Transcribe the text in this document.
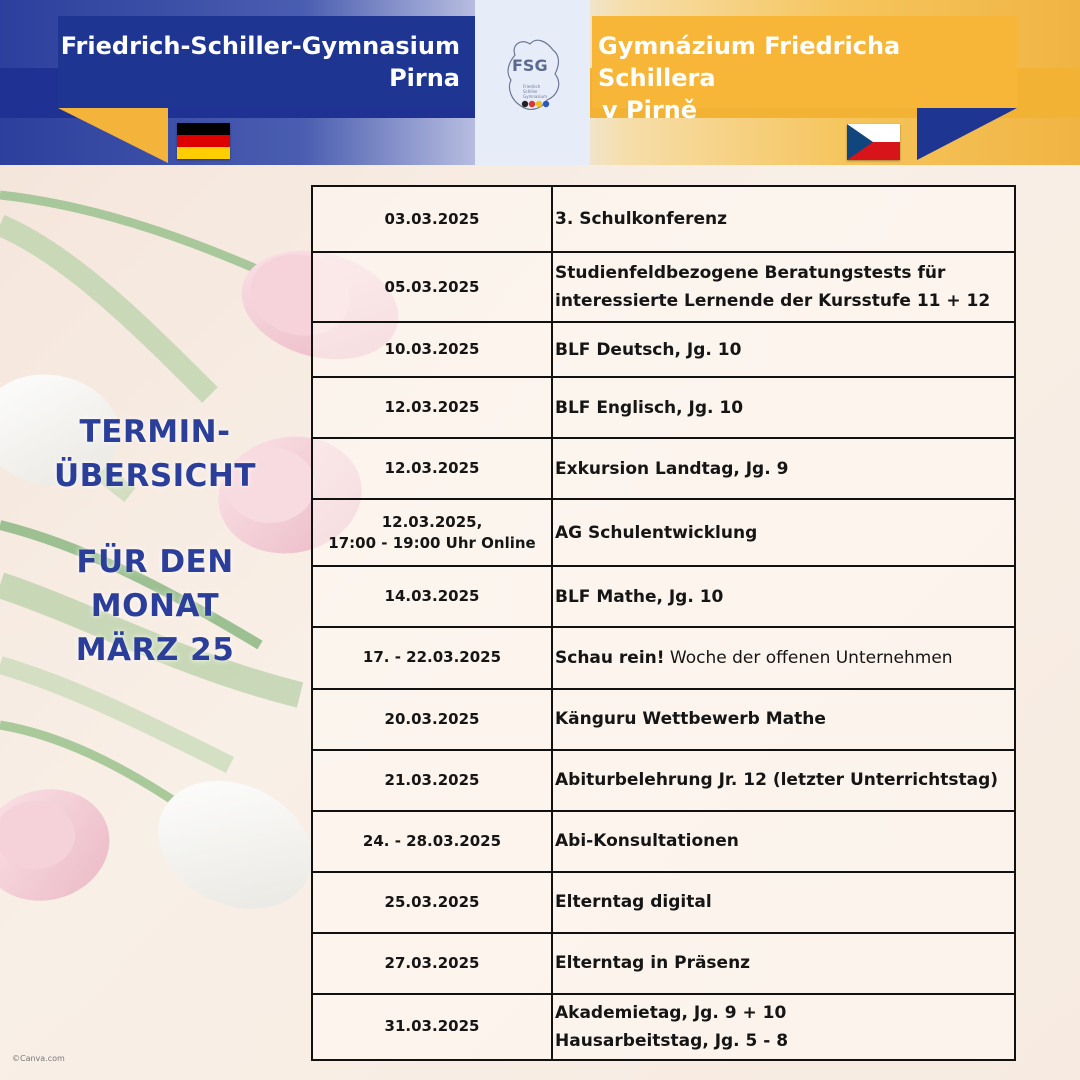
Friedrich-Schiller-Gymnasium
Pirna
Gymnázium Friedricha Schillera
v Pirně
Friedrich
Schiller
Gymnasium
FSG
TERMIN-
ÜBERSICHT
FÜR DEN
MONAT
MÄRZ 25
03.03.2025	3. Schulkonferenz
05.03.2025	Studienfeldbezogene Beratungstests für
interessierte Lernende der Kursstufe 11 + 12

10.03.2025	BLF Deutsch, Jg. 10
12.03.2025	BLF Englisch, Jg. 10
12.03.2025	Exkursion Landtag, Jg. 9

12.03.2025,
17:00 - 19:00 Uhr Online	AG Schulentwicklung
14.03.2025	BLF Mathe, Jg. 10
17. - 22.03.2025	Schau rein! Woche der offenen Unternehmen
20.03.2025	Känguru Wettbewerb Mathe
21.03.2025	Abiturbelehrung Jr. 12 (letzter Unterrichtstag)
24. - 28.03.2025	Abi-Konsultationen
25.03.2025	Elterntag digital
27.03.2025	Elterntag in Präsenz
31.03.2025	Akademietag, Jg. 9 + 10
Hausarbeitstag, Jg. 5 - 8
©Canva.com
